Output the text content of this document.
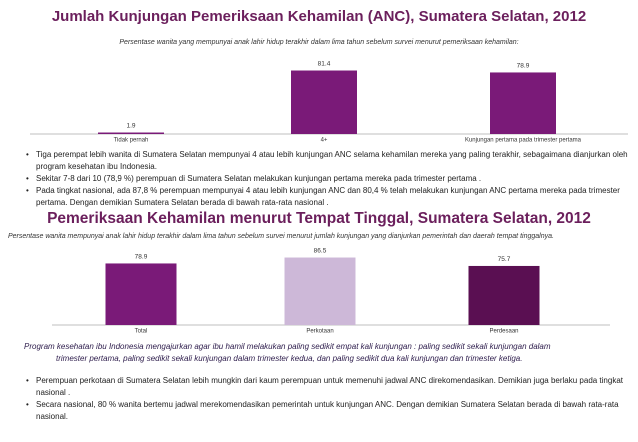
Jumlah Kunjungan Pemeriksaan Kehamilan (ANC), Sumatera Selatan, 2012
Persentase wanita yang mempunyai anak lahir hidup terakhir dalam lima tahun sebelum survei menurut pemeriksaan kehamilan:
1.9
Tidak pernah
81.4
4+
78.9
Kunjungan pertama pada trimester pertama
• Tiga perempat lebih wanita di Sumatera Selatan mempunyai 4 atau lebih kunjungan ANC selama kehamilan mereka yang paling terakhir, sebagaimana dianjurkan oleh program kesehatan ibu Indonesia.
• Sekitar 7-8 dari 10 (78,9 %) perempuan di Sumatera Selatan melakukan kunjungan pertama mereka pada trimester pertama .
• Pada tingkat nasional, ada 87,8 % perempuan mempunyai 4 atau lebih kunjungan ANC dan 80,4 % telah melakukan kunjungan ANC pertama mereka pada trimester pertama. Dengan demikian Sumatera Selatan berada di bawah rata-rata nasional .
Pemeriksaan Kehamilan menurut Tempat Tinggal, Sumatera Selatan, 2012
Persentase wanita mempunyai anak lahir hidup terakhir dalam lima tahun sebelum survei menurut jumlah kunjungan yang dianjurkan pemerintah dan daerah tempat tinggalnya.
78.9
Total
86.5
Perkotaan
75.7
Perdesaan
Program kesehatan ibu Indonesia mengajurkan agar ibu hamil melakukan paling sedikit empat kali kunjungan : paling sedikit sekali kunjungan dalam
trimester pertama, paling sedikit sekali kunjungan dalam trimester kedua, dan paling sedikit dua kali kunjungan dan trimester ketiga.
• Perempuan perkotaan di Sumatera Selatan lebih mungkin dari kaum perempuan untuk memenuhi jadwal ANC direkomendasikan. Demikian juga berlaku pada tingkat nasional .
• Secara nasional, 80 % wanita bertemu jadwal merekomendasikan pemerintah untuk kunjungan ANC. Dengan demikian Sumatera Selatan berada di bawah rata-rata nasional.
